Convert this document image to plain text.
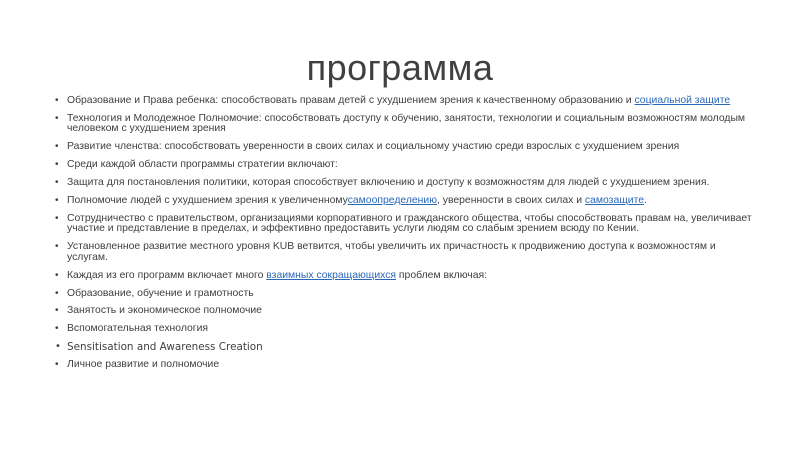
программа
• Образование и Права ребенка: способствовать правам детей с ухудшением зрения к качественному образованию и социальной защите
• Технология и Молодежное Полномочие: способствовать доступу к обучению, занятости, технологии и социальным возможностям молодым человеком с ухудшением зрения
• Развитие членства: способствовать уверенности в своих силах и социальному участию среди взрослых с ухудшением зрения
• Среди каждой области программы стратегии включают:
• Защита для постановления политики, которая способствует включению и доступу к возможностям для людей с ухудшением зрения.
• Полномочие людей с ухудшением зрения к увеличенномусамоопределению, уверенности в своих силах и самозащите.
• Сотрудничество с правительством, организациями корпоративного и гражданского общества, чтобы способствовать правам на, увеличивает участие и представление в пределах, и эффективно предоставить услуги людям со слабым зрением всюду по Кении.
• Установленное развитие местного уровня KUB ветвится, чтобы увеличить их причастность к продвижению доступа к возможностям и услугам.
• Каждая из его программ включает много взаимных сокращающихся проблем включая:
• Образование, обучение и грамотность
• Занятость и экономическое полномочие
• Вспомогательная технология
• Sensitisation and Awareness Creation
• Личное развитие и полномочие
